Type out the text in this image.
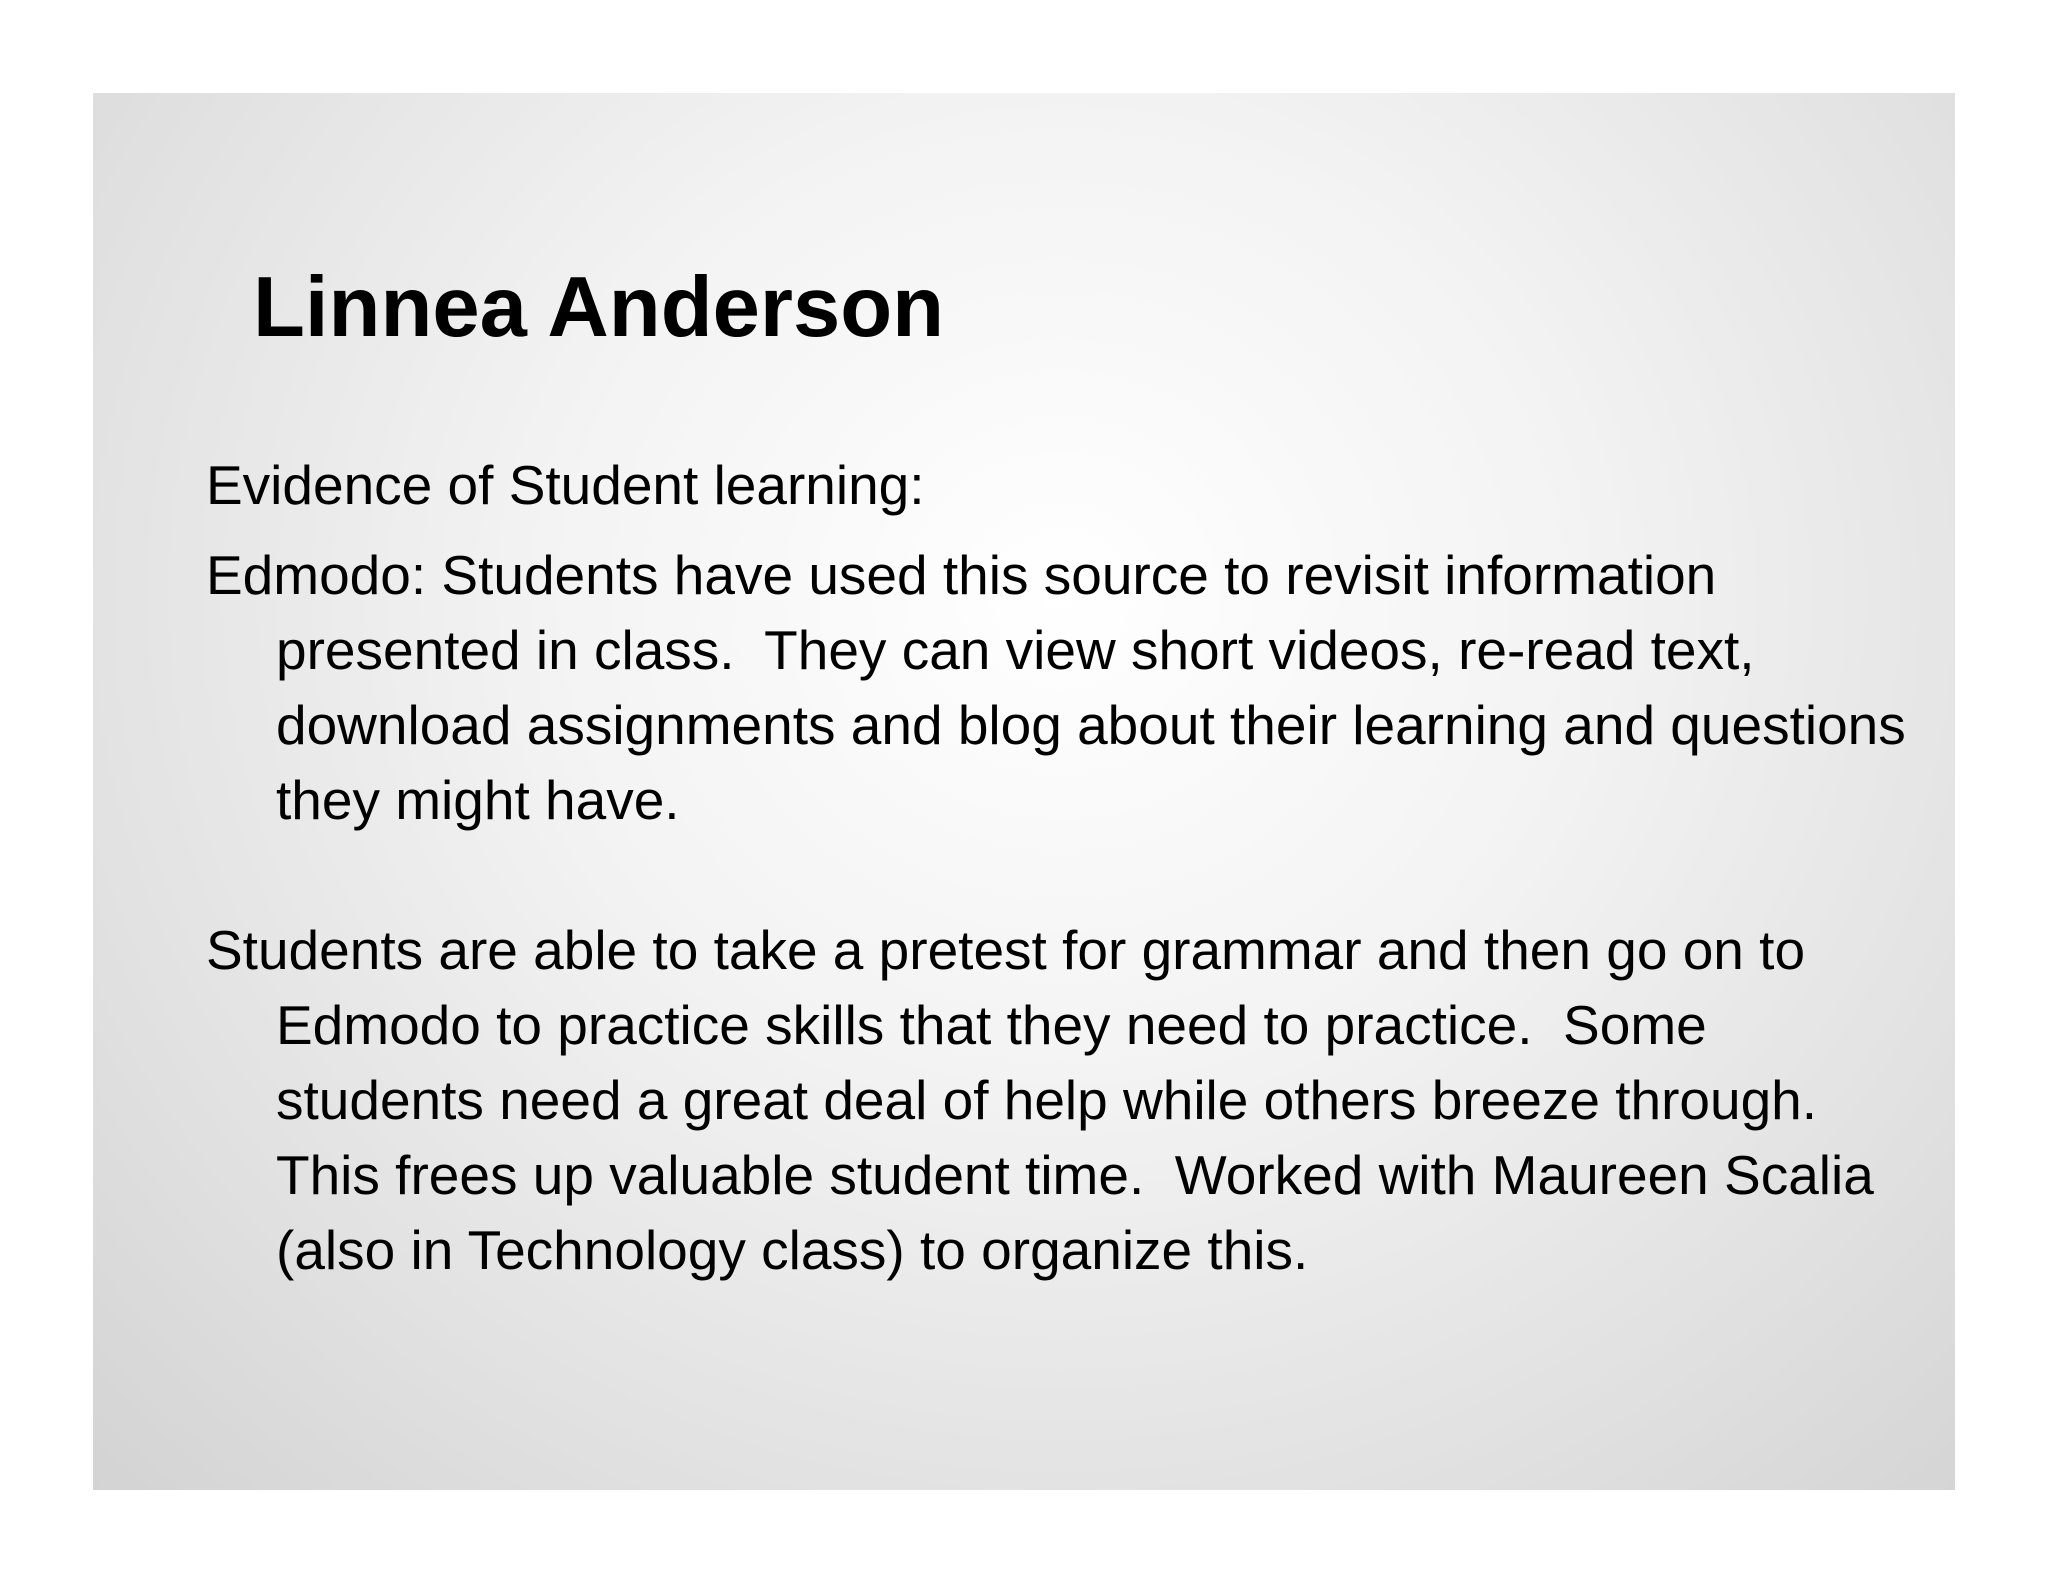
Linnea Anderson

Evidence of Student learning:

Edmodo: Students have used this source to revisit information presented in class.  They can view short videos, re-read text, download assignments and blog about their learning and questions they might have.

Students are able to take a pretest for grammar and then go on to Edmodo to practice skills that they need to practice.  Some students need a great deal of help while others breeze through.  This frees up valuable student time.  Worked with Maureen Scalia (also in Technology class) to organize this.
